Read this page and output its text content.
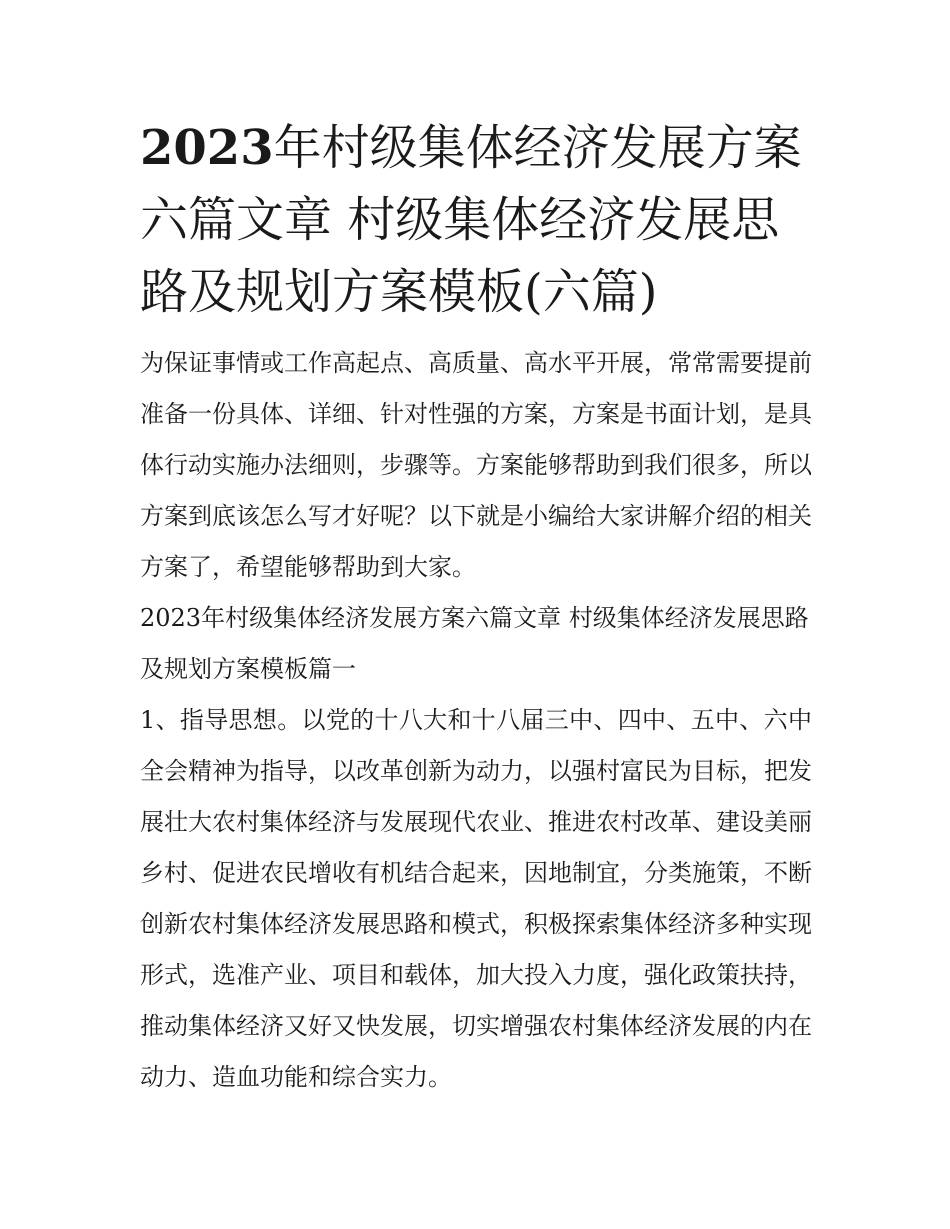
2023年村级集体经济发展方案六篇文章 村级集体经济发展思路及规划方案模板(六篇)

为保证事情或工作高起点、高质量、高水平开展，常常需要提前准备一份具体、详细、针对性强的方案，方案是书面计划，是具体行动实施办法细则，步骤等。方案能够帮助到我们很多，所以方案到底该怎么写才好呢？以下就是小编给大家讲解介绍的相关方案了，希望能够帮助到大家。

2023年村级集体经济发展方案六篇文章 村级集体经济发展思路及规划方案模板篇一

1、指导思想。以党的十八大和十八届三中、四中、五中、六中全会精神为指导，以改革创新为动力，以强村富民为目标，把发展壮大农村集体经济与发展现代农业、推进农村改革、建设美丽乡村、促进农民增收有机结合起来，因地制宜，分类施策，不断创新农村集体经济发展思路和模式，积极探索集体经济多种实现形式，选准产业、项目和载体，加大投入力度，强化政策扶持，推动集体经济又好又快发展，切实增强农村集体经济发展的内在动力、造血功能和综合实力。
